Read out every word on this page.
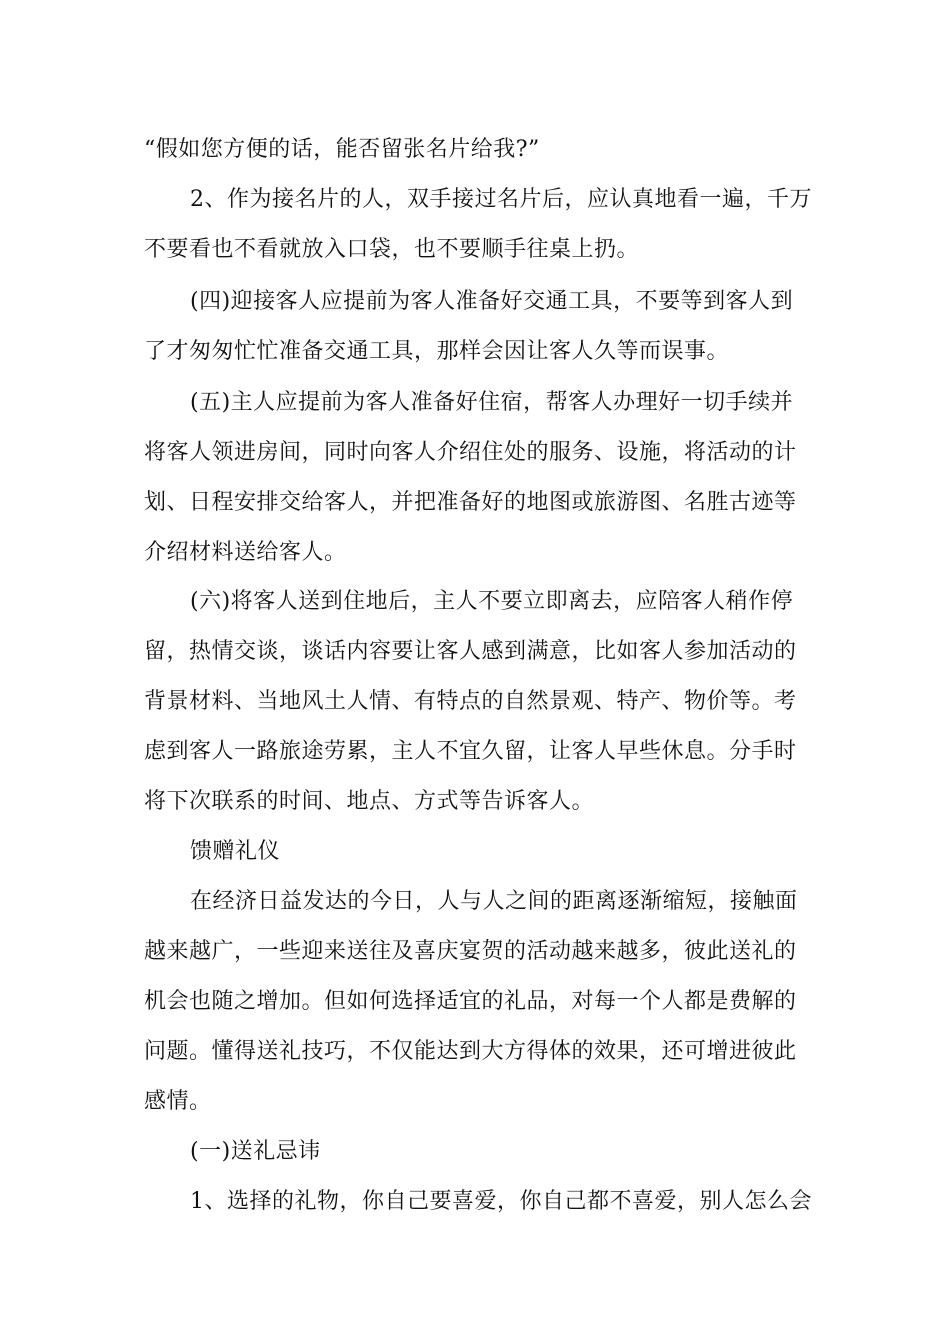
“假如您方便的话，能否留张名片给我?”
2、作为接名片的人，双手接过名片后，应认真地看一遍，千万
不要看也不看就放入口袋，也不要顺手往桌上扔。
(四)迎接客人应提前为客人准备好交通工具，不要等到客人到
了才匆匆忙忙准备交通工具，那样会因让客人久等而误事。
(五)主人应提前为客人准备好住宿，帮客人办理好一切手续并
将客人领进房间，同时向客人介绍住处的服务、设施，将活动的计
划、日程安排交给客人，并把准备好的地图或旅游图、名胜古迹等
介绍材料送给客人。
(六)将客人送到住地后，主人不要立即离去，应陪客人稍作停
留，热情交谈，谈话内容要让客人感到满意，比如客人参加活动的
背景材料、当地风土人情、有特点的自然景观、特产、物价等。考
虑到客人一路旅途劳累，主人不宜久留，让客人早些休息。分手时
将下次联系的时间、地点、方式等告诉客人。
馈赠礼仪
在经济日益发达的今日，人与人之间的距离逐渐缩短，接触面
越来越广，一些迎来送往及喜庆宴贺的活动越来越多，彼此送礼的
机会也随之增加。但如何选择适宜的礼品，对每一个人都是费解的
问题。懂得送礼技巧，不仅能达到大方得体的效果，还可增进彼此
感情。
(一)送礼忌讳
1、选择的礼物，你自己要喜爱，你自己都不喜爱，别人怎么会
